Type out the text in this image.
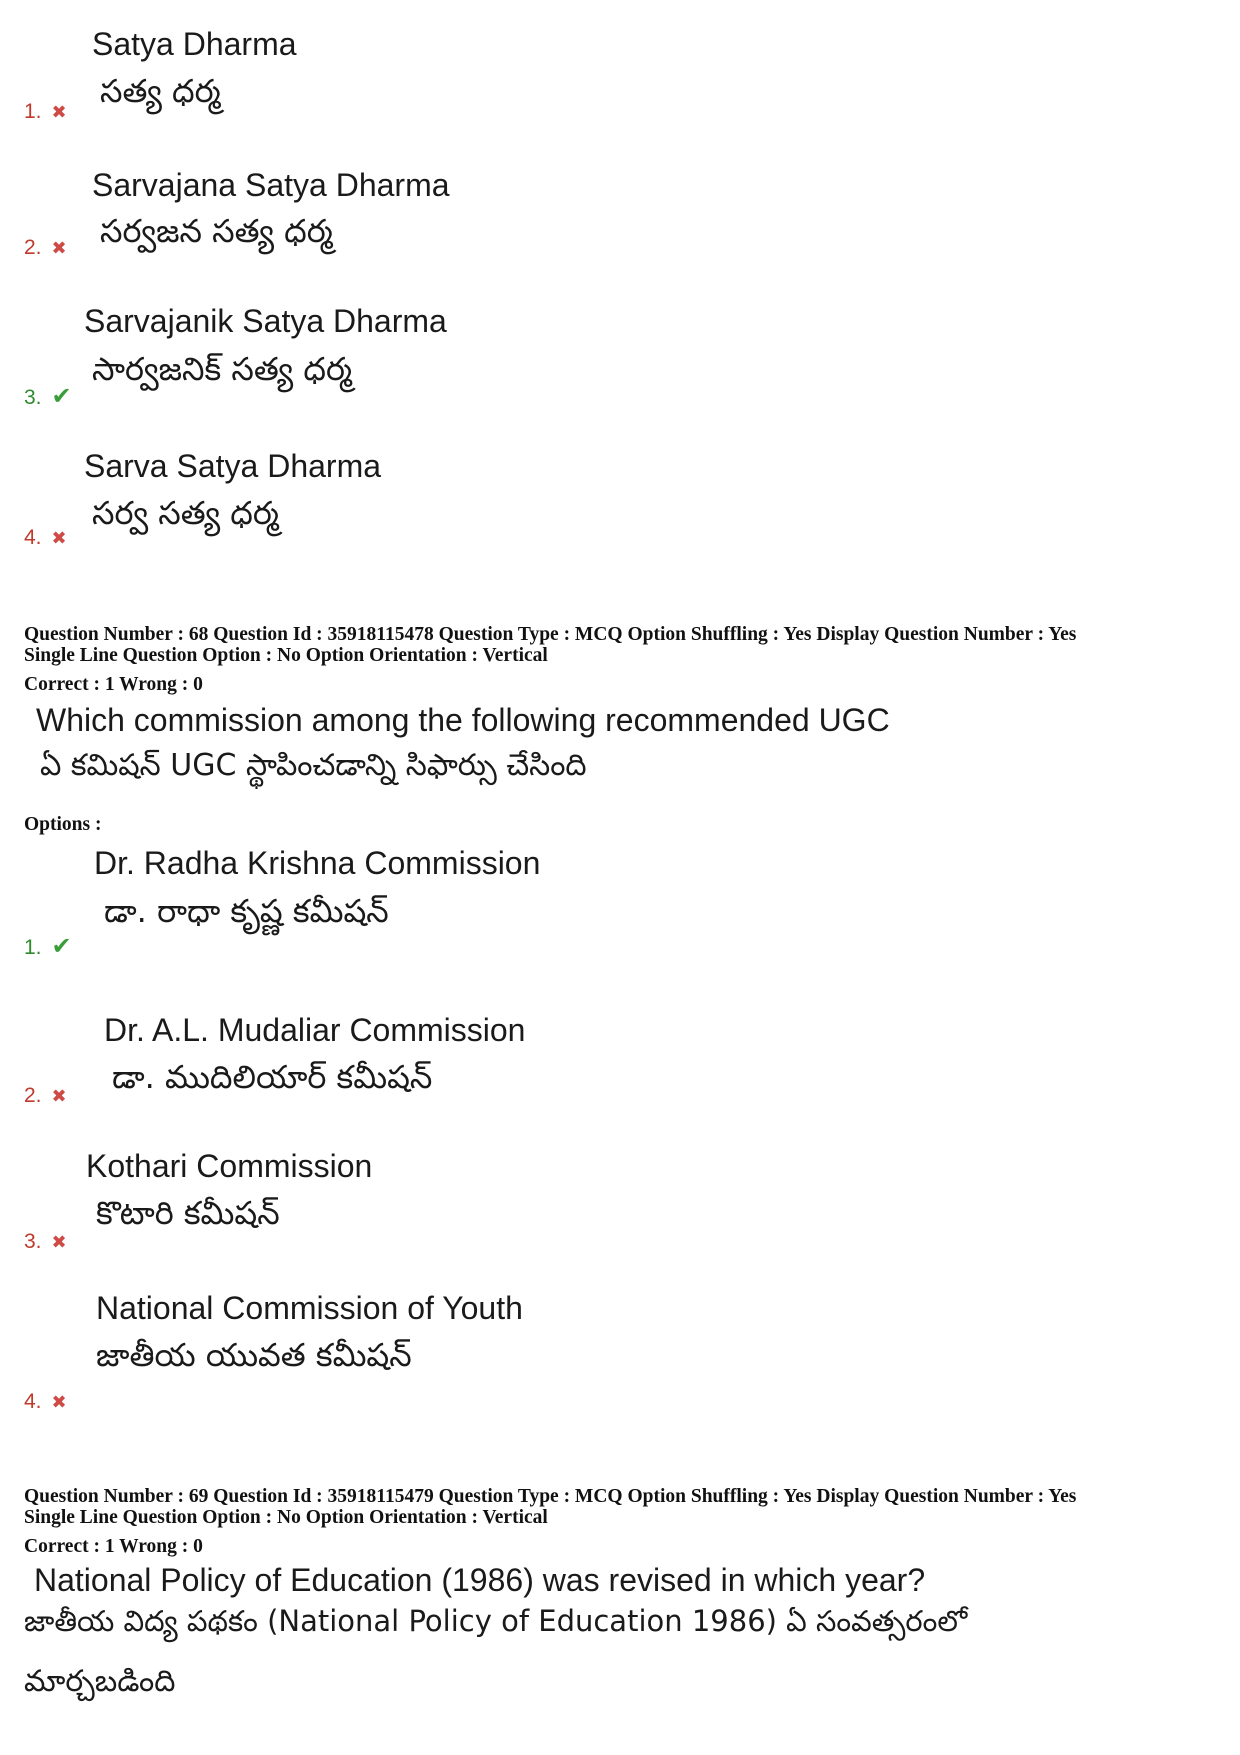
Satya Dharma
సత్య ధర్మ
1. ✖
Sarvajana Satya Dharma
సర్వజన సత్య ధర్మ
2. ✖
Sarvajanik Satya Dharma
సార్వజనిక్ సత్య ధర్మ
3. ✔
Sarva Satya Dharma
సర్వ సత్య ధర్మ
4. ✖
Question Number : 68 Question Id : 35918115478 Question Type : MCQ Option Shuffling : Yes Display Question Number : Yes
Single Line Question Option : No Option Orientation : Vertical
Correct : 1 Wrong : 0
Which commission among the following recommended UGC
ఏ కమిషన్ UGC స్థాపించడాన్ని సిఫార్సు చేసింది
Options :
Dr. Radha Krishna Commission
డా. రాధా కృష్ణ కమీషన్
1. ✔
Dr. A.L. Mudaliar Commission
డా. ముదిలియార్ కమీషన్
2. ✖
Kothari Commission
కొటారి కమీషన్
3. ✖
National Commission of Youth
జాతీయ యువత కమీషన్
4. ✖
Question Number : 69 Question Id : 35918115479 Question Type : MCQ Option Shuffling : Yes Display Question Number : Yes
Single Line Question Option : No Option Orientation : Vertical
Correct : 1 Wrong : 0
National Policy of Education (1986) was revised in which year?
జాతీయ విద్య పథకం (National Policy of Education 1986) ఏ సంవత్సరంలో
మార్చబడింది
